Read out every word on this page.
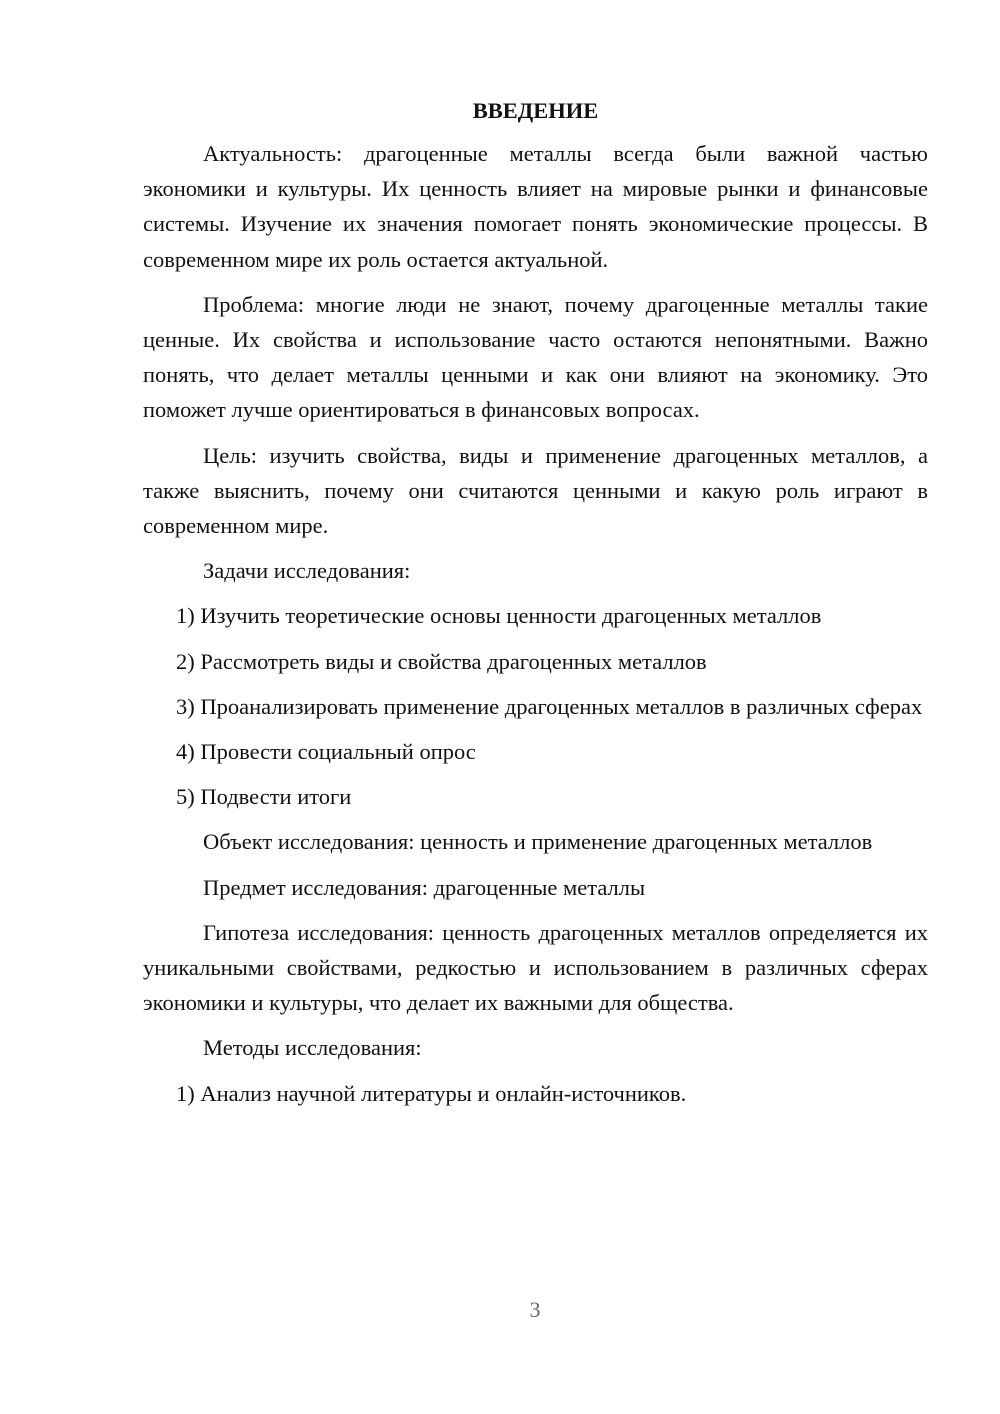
ВВЕДЕНИЕ

Актуальность: драгоценные металлы всегда были важной частью экономики и культуры. Их ценность влияет на мировые рынки и финансовые системы. Изучение их значения помогает понять экономические процессы. В современном мире их роль остается актуальной.

Проблема: многие люди не знают, почему драгоценные металлы такие ценные. Их свойства и использование часто остаются непонятными. Важно понять, что делает металлы ценными и как они влияют на экономику. Это поможет лучше ориентироваться в финансовых вопросах.

Цель: изучить свойства, виды и применение драгоценных металлов, а также выяснить, почему они считаются ценными и какую роль играют в современном мире.

Задачи исследования:

1) Изучить теоретические основы ценности драгоценных металлов

2) Рассмотреть виды и свойства драгоценных металлов

3) Проанализировать применение драгоценных металлов в различных сферах

4) Провести социальный опрос

5) Подвести итоги

Объект исследования: ценность и применение драгоценных металлов

Предмет исследования: драгоценные металлы

Гипотеза исследования: ценность драгоценных металлов определяется их уникальными свойствами, редкостью и использованием в различных сферах экономики и культуры, что делает их важными для общества.

Методы исследования:

1) Анализ научной литературы и онлайн-источников.

3
